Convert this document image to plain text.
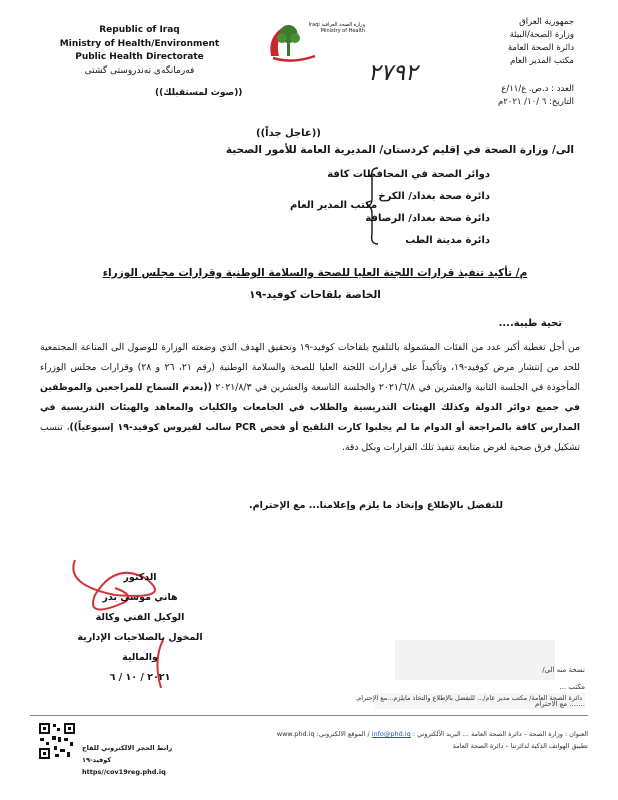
Republic of Iraq
Ministry of Health/Environment
Public Health Directorate
فەرمانگەی تەندروستی گشتی
وزارة الصحة العراقية Iraqi Ministry of Health
جمهورية العراق
وزارة الصحة/البيئة
دائرة الصحة العامة
مكتب المدير العام
٢٧٩٢
العدد : د.ص. ع/١١/ع
التاريخ: ٦ /١٠/ ٢٠٢١م
((صوت لمستقبلك))
((عاجل جداً))
الى/ وزارة الصحة في إقليم كردستان/ المديرية العامة للأمور الصحية
دوائر الصحة في المحافظات كافة
دائرة صحة بغداد/ الكرخ
دائرة صحة بغداد/ الرصافة
دائرة مدينة الطب
مكتب المدير العام
م/ تأكيد تنفيذ قرارات اللجنة العليا للصحة والسلامة الوطنية وقرارات مجلس الوزراء
الخاصة بلقاحات كوفيد-١٩
تحية طيبة....
من أجل تغطية أكبر عدد من الفئات المشمولة بالتلقيح بلقاحات كوفيد-١٩ وتحقيق الهدف الذي وضعته الوزارة للوصول الى المناعة المجتمعية للحد من إنتشار مرض كوفيد-١٩، وتأكيداً على قرارات اللجنة العليا للصحة والسلامة الوطنية (رقم ٢١، ٢٦ و ٢٨) وقرارات مجلس الوزراء المأخوذة في الجلسة الثانية والعشرين في ٢٠٢١/٦/٨ والجلسة التاسعة والعشرين في ٢٠٢١/٨/٣ ((بعدم السماح للمراجعين والموظفين في جميع دوائر الدولة وكذلك الهيئات التدريسية والطلاب في الجامعات والكليات والمعاهد والهيئات التدريسية في المدارس كافة بالمراجعة أو الدوام ما لم يجلبوا كارت التلقيح أو فحص PCR سالب لفيروس كوفيد-١٩ إسبوعياً))، تنسب تشكيل فرق صحية لغرض متابعة تنفيذ تلك القرارات وبكل دقة.
للتفضل بالإطلاع وإتخاذ ما يلزم وإعلامنا... مع الإحترام.
الدكتور
هاني موسى بدر
الوكيل الفني وكالة
المخول بالصلاحيات الإدارية والمالية
٢٠٢١ / ١٠ / ٦
نسخة منه الى/
مكتب ...
....... مع الاحترام
دائرة الصحة العامة/ مكتب مدير عام/... للتفضل بالإطلاع والتخاذ مايلزم...مع الإحترام.
العنوان : وزارة الصحة – دائرة الصحة العامة ... البريد الألكتروني : info@phd.iq / الموقع الالكتروني: www.phd.iq
تطبيق الهواتف الذكية لدائرتنا – دائرة الصحة العامة
رابط الحجز الالكتروني للقاح كوفيد-١٩
https//cov19reg.phd.iq
